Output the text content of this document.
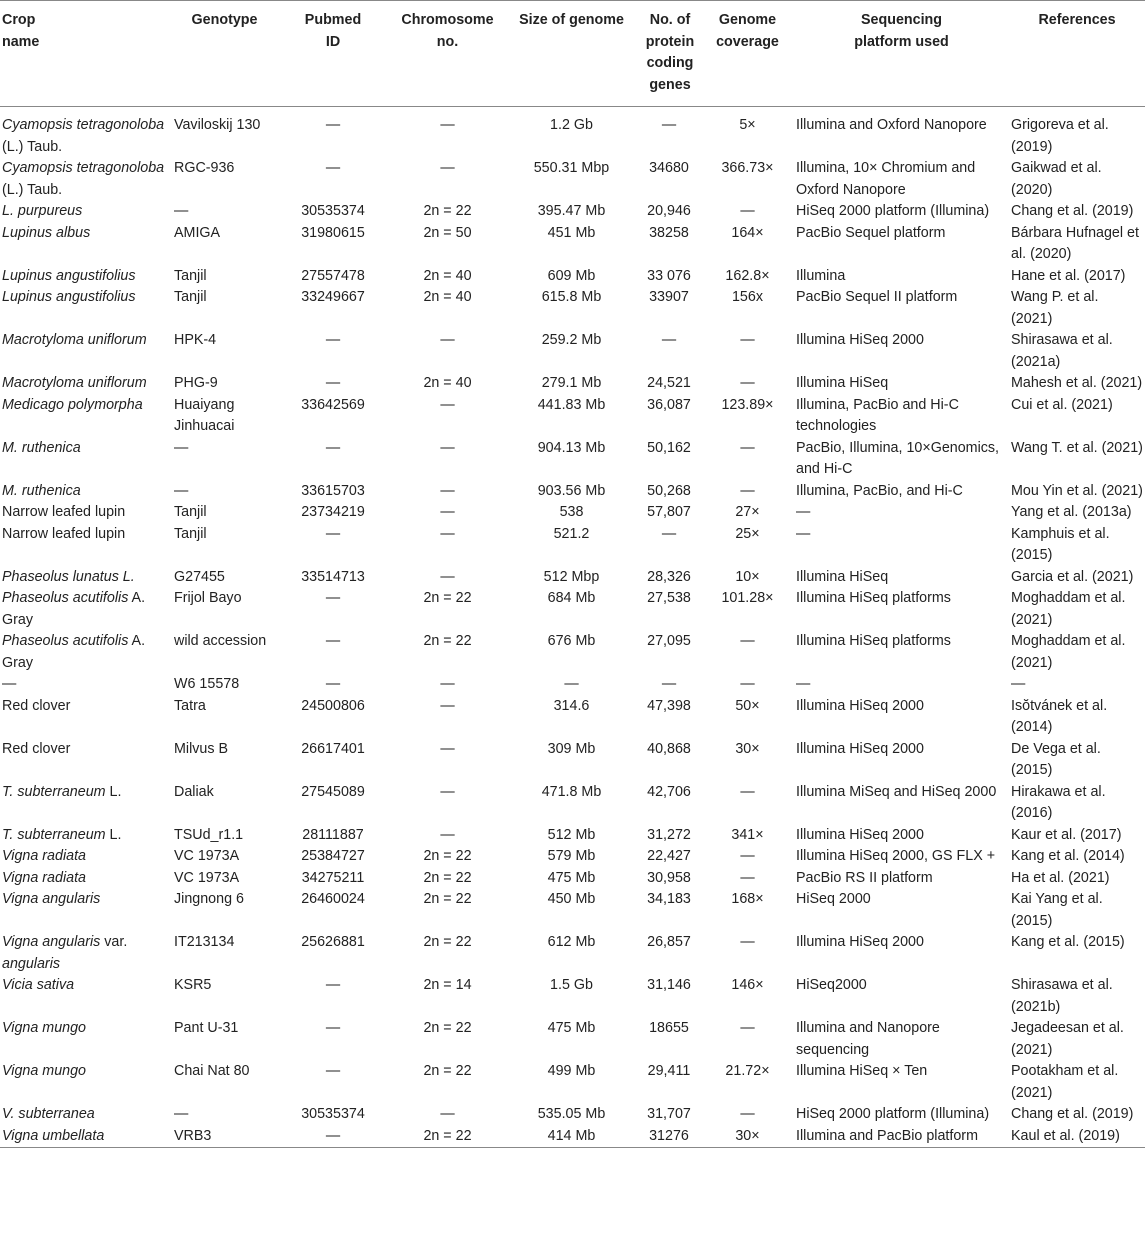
Crop name	Genotype	Pubmed ID	Chromosome no.	Size of genome	No. of protein coding genes	Genome coverage	Sequencing platform used	References
Cyamopsis tetragonoloba (L.) Taub.	Vaviloskij 130	—	—	1.2 Gb	—	5×	Illumina and Oxford Nanopore	Grigoreva et al. (2019)
Cyamopsis tetragonoloba (L.) Taub.	RGC-936	—	—	550.31 Mbp	34680	366.73×	Illumina, 10× Chromium and Oxford Nanopore	Gaikwad et al. (2020)
L. purpureus	—	30535374	2n = 22	395.47 Mb	20,946	—	HiSeq 2000 platform (Illumina)	Chang et al. (2019)
Lupinus albus	AMIGA	31980615	2n = 50	451 Mb	38258	164×	PacBio Sequel platform	Bárbara Hufnagel et al. (2020)
Lupinus angustifolius	Tanjil	27557478	2n = 40	609 Mb	33 076	162.8×	Illumina	Hane et al. (2017)
Lupinus angustifolius	Tanjil	33249667	2n = 40	615.8 Mb	33907	156x	PacBio Sequel II platform	Wang P. et al. (2021)
Macrotyloma uniflorum	HPK-4	—	—	259.2 Mb	—	—	Illumina HiSeq 2000	Shirasawa et al. (2021a)
Macrotyloma uniflorum	PHG-9	—	2n = 40	279.1 Mb	24,521	—	Illumina HiSeq	Mahesh et al. (2021)
Medicago polymorpha	Huaiyang Jinhuacai	33642569	—	441.83 Mb	36,087	123.89×	Illumina, PacBio and Hi-C technologies	Cui et al. (2021)
M. ruthenica	—	—	—	904.13 Mb	50,162	—	PacBio, Illumina, 10×Genomics, and Hi-C	Wang T. et al. (2021)
M. ruthenica	—	33615703	—	903.56 Mb	50,268	—	Illumina, PacBio, and Hi-C	Mou Yin et al. (2021)
Narrow leafed lupin	Tanjil	23734219	—	538	57,807	27×	—	Yang et al. (2013a)
Narrow leafed lupin	Tanjil	—	—	521.2	—	25×	—	Kamphuis et al. (2015)
Phaseolus lunatus L.	G27455	33514713	—	512 Mbp	28,326	10×	Illumina HiSeq	Garcia et al. (2021)
Phaseolus acutifolis A. Gray	Frijol Bayo	—	2n = 22	684 Mb	27,538	101.28×	Illumina HiSeq platforms	Moghaddam et al. (2021)
Phaseolus acutifolis A. Gray	wild accession	—	2n = 22	676 Mb	27,095	—	Illumina HiSeq platforms	Moghaddam et al. (2021)
—	W6 15578	—	—	—	—	—	—	—
Red clover	Tatra	24500806	—	314.6	47,398	50×	Illumina HiSeq 2000	Isŏtvánek et al. (2014)
Red clover	Milvus B	26617401	—	309 Mb	40,868	30×	Illumina HiSeq 2000	De Vega et al. (2015)
T. subterraneum L.	Daliak	27545089	—	471.8 Mb	42,706	—	Illumina MiSeq and HiSeq 2000	Hirakawa et al. (2016)
T. subterraneum L.	TSUd_r1.1	28111887	—	512 Mb	31,272	341×	Illumina HiSeq 2000	Kaur et al. (2017)
Vigna radiata	VC 1973A	25384727	2n = 22	579 Mb	22,427	—	Illumina HiSeq 2000, GS FLX +	Kang et al. (2014)
Vigna radiata	VC 1973A	34275211	2n = 22	475 Mb	30,958	—	PacBio RS II platform	Ha et al. (2021)
Vigna angularis	Jingnong 6	26460024	2n = 22	450 Mb	34,183	168×	HiSeq 2000	Kai Yang et al. (2015)
Vigna angularis var. angularis	IT213134	25626881	2n = 22	612 Mb	26,857	—	Illumina HiSeq 2000	Kang et al. (2015)
Vicia sativa	KSR5	—	2n = 14	1.5 Gb	31,146	146×	HiSeq2000	Shirasawa et al. (2021b)
Vigna mungo	Pant U-31	—	2n = 22	475 Mb	18655	—	Illumina and Nanopore sequencing	Jegadeesan et al. (2021)
Vigna mungo	Chai Nat 80	—	2n = 22	499 Mb	29,411	21.72×	Illumina HiSeq × Ten	Pootakham et al. (2021)
V. subterranea	—	30535374	—	535.05 Mb	31,707	—	HiSeq 2000 platform (Illumina)	Chang et al. (2019)
Vigna umbellata	VRB3	—	2n = 22	414 Mb	31276	30×	Illumina and PacBio platform	Kaul et al. (2019)
